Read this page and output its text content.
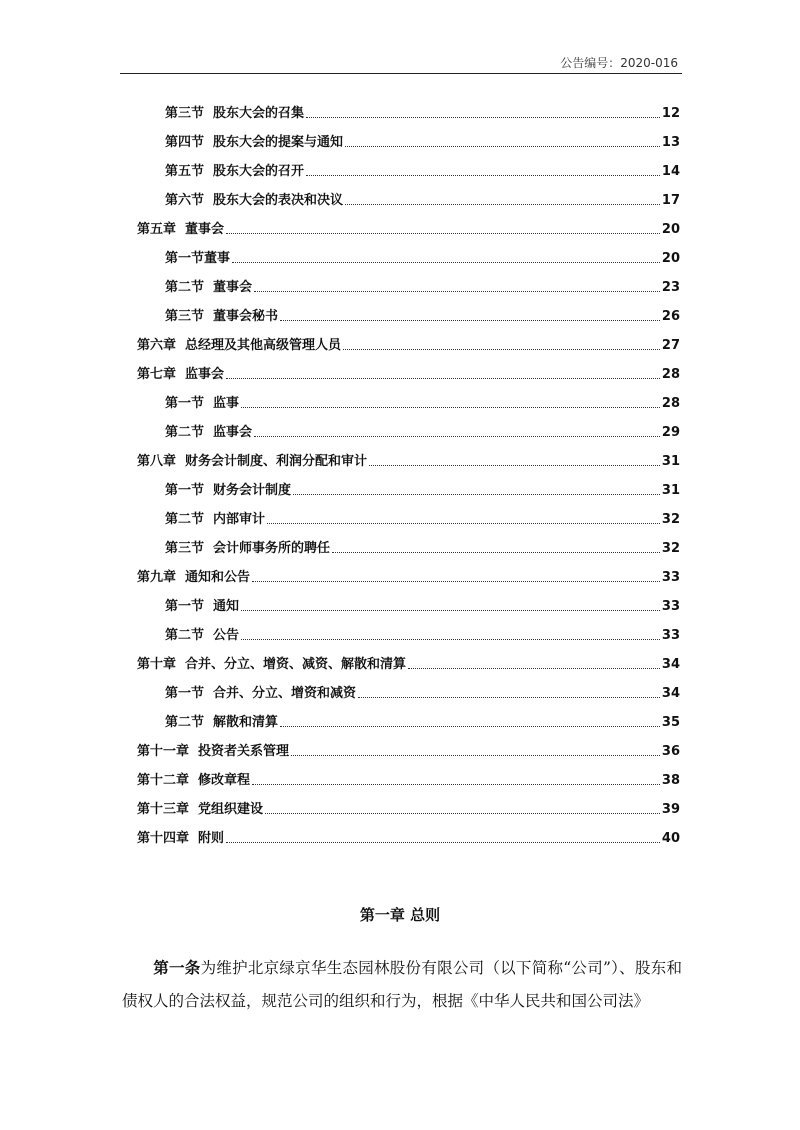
公告编号：2020-016
第三节  股东大会的召集	12
第四节  股东大会的提案与通知	13
第五节  股东大会的召开	14
第六节  股东大会的表决和决议	17
第五章  董事会	20
第一节董事	20
第二节  董事会	23
第三节  董事会秘书	26
第六章  总经理及其他高级管理人员	27
第七章  监事会	28
第一节  监事	28
第二节  监事会	29
第八章  财务会计制度、利润分配和审计	31
第一节  财务会计制度	31
第二节  内部审计	32
第三节  会计师事务所的聘任	32
第九章  通知和公告	33
第一节  通知	33
第二节  公告	33
第十章  合并、分立、增资、减资、解散和清算	34
第一节  合并、分立、增资和减资	34
第二节  解散和清算	35
第十一章  投资者关系管理	36
第十二章  修改章程	38
第十三章  党组织建设	39
第十四章  附则	40
第一章 总则
第一条为维护北京绿京华生态园林股份有限公司（以下简称“公司”）、股东和债权人的合法权益，规范公司的组织和行为，根据《中华人民共和国公司法》
